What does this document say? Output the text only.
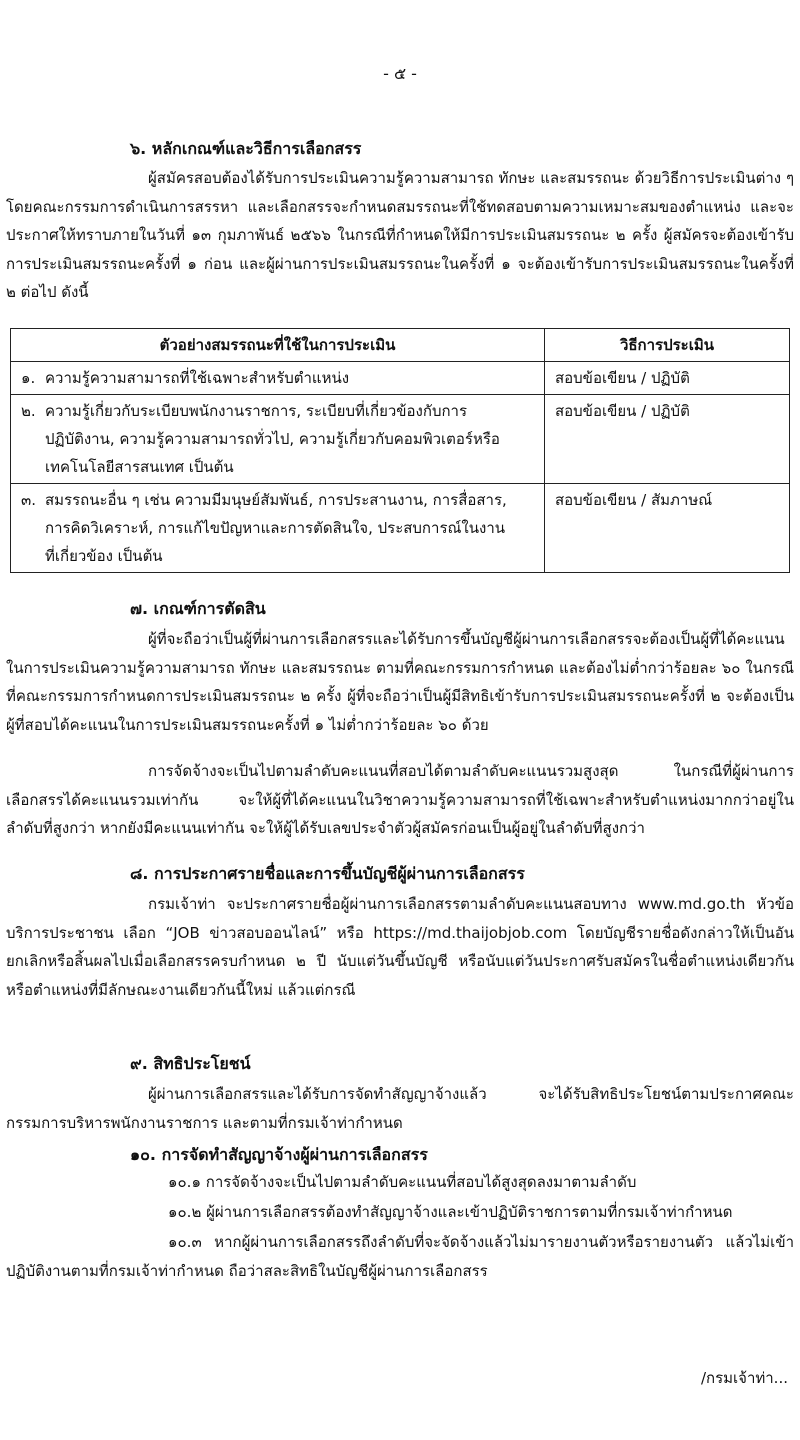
- ๕ -
๖. หลักเกณฑ์และวิธีการเลือกสรร

ผู้สมัครสอบต้องได้รับการประเมินความรู้ความสามารถ ทักษะ และสมรรถนะ ด้วยวิธีการประเมินต่าง ๆ โดยคณะกรรมการดำเนินการสรรหา และเลือกสรรจะกำหนดสมรรถนะที่ใช้ทดสอบตามความเหมาะสมของตำแหน่ง และจะประกาศให้ทราบภายในวันที่ ๑๓ กุมภาพันธ์ ๒๕๖๖ ในกรณีที่กำหนดให้มีการประเมินสมรรถนะ ๒ ครั้ง ผู้สมัครจะต้องเข้ารับการประเมินสมรรถนะครั้งที่ ๑ ก่อน และผู้ผ่านการประเมินสมรรถนะในครั้งที่ ๑ จะต้องเข้ารับการประเมินสมรรถนะในครั้งที่ ๒ ต่อไป ดังนี้

ตัวอย่างสมรรถนะที่ใช้ในการประเมิน	วิธีการประเมิน
๑. ความรู้ความสามารถที่ใช้เฉพาะสำหรับตำแหน่ง	สอบข้อเขียน / ปฏิบัติ
๒. ความรู้เกี่ยวกับระเบียบพนักงานราชการ, ระเบียบที่เกี่ยวข้องกับการ
ปฏิบัติงาน, ความรู้ความสามารถทั่วไป, ความรู้เกี่ยวกับคอมพิวเตอร์หรือ
เทคโนโลยีสารสนเทศ เป็นต้น	สอบข้อเขียน / ปฏิบัติ
๓. สมรรถนะอื่น ๆ เช่น ความมีมนุษย์สัมพันธ์, การประสานงาน, การสื่อสาร,
การคิดวิเคราะห์, การแก้ไขปัญหาและการตัดสินใจ, ประสบการณ์ในงาน
ที่เกี่ยวข้อง เป็นต้น	สอบข้อเขียน / สัมภาษณ์
๗. เกณฑ์การตัดสิน

ผู้ที่จะถือว่าเป็นผู้ที่ผ่านการเลือกสรรและได้รับการขึ้นบัญชีผู้ผ่านการเลือกสรรจะต้องเป็นผู้ที่ได้คะแนนในการประเมินความรู้ความสามารถ ทักษะ และสมรรถนะ ตามที่คณะกรรมการกำหนด และต้องไม่ต่ำกว่าร้อยละ ๖๐ ในกรณีที่คณะกรรมการกำหนดการประเมินสมรรถนะ ๒ ครั้ง ผู้ที่จะถือว่าเป็นผู้มีสิทธิเข้ารับการประเมินสมรรถนะครั้งที่ ๒ จะต้องเป็นผู้ที่สอบได้คะแนนในการประเมินสมรรถนะครั้งที่ ๑ ไม่ต่ำกว่าร้อยละ ๖๐ ด้วย

การจัดจ้างจะเป็นไปตามลำดับคะแนนที่สอบได้ตามลำดับคะแนนรวมสูงสุด ในกรณีที่ผู้ผ่านการเลือกสรรได้คะแนนรวมเท่ากัน จะให้ผู้ที่ได้คะแนนในวิชาความรู้ความสามารถที่ใช้เฉพาะสำหรับตำแหน่งมากกว่าอยู่ในลำดับที่สูงกว่า หากยังมีคะแนนเท่ากัน จะให้ผู้ได้รับเลขประจำตัวผู้สมัครก่อนเป็นผู้อยู่ในลำดับที่สูงกว่า

๘. การประกาศรายชื่อและการขึ้นบัญชีผู้ผ่านการเลือกสรร

กรมเจ้าท่า จะประกาศรายชื่อผู้ผ่านการเลือกสรรตามลำดับคะแนนสอบทาง www.md.go.th หัวข้อ บริการประชาชน เลือก “JOB ข่าวสอบออนไลน์” หรือ https://md.thaijobjob.com โดยบัญชีรายชื่อดังกล่าวให้เป็นอันยกเลิกหรือสิ้นผลไปเมื่อเลือกสรรครบกำหนด ๒ ปี นับแต่วันขึ้นบัญชี หรือนับแต่วันประกาศรับสมัครในชื่อตำแหน่งเดียวกันหรือตำแหน่งที่มีลักษณะงานเดียวกันนี้ใหม่ แล้วแต่กรณี

๙. สิทธิประโยชน์

ผู้ผ่านการเลือกสรรและได้รับการจัดทำสัญญาจ้างแล้ว จะได้รับสิทธิประโยชน์ตามประกาศคณะกรรมการบริหารพนักงานราชการ และตามที่กรมเจ้าท่ากำหนด

๑๐. การจัดทำสัญญาจ้างผู้ผ่านการเลือกสรร
๑๐.๑ การจัดจ้างจะเป็นไปตามลำดับคะแนนที่สอบได้สูงสุดลงมาตามลำดับ
๑๐.๒ ผู้ผ่านการเลือกสรรต้องทำสัญญาจ้างและเข้าปฏิบัติราชการตามที่กรมเจ้าท่ากำหนด

๑๐.๓ หากผู้ผ่านการเลือกสรรถึงลำดับที่จะจัดจ้างแล้วไม่มารายงานตัวหรือรายงานตัว แล้วไม่เข้าปฏิบัติงานตามที่กรมเจ้าท่ากำหนด ถือว่าสละสิทธิในบัญชีผู้ผ่านการเลือกสรร

/กรมเจ้าท่า...
